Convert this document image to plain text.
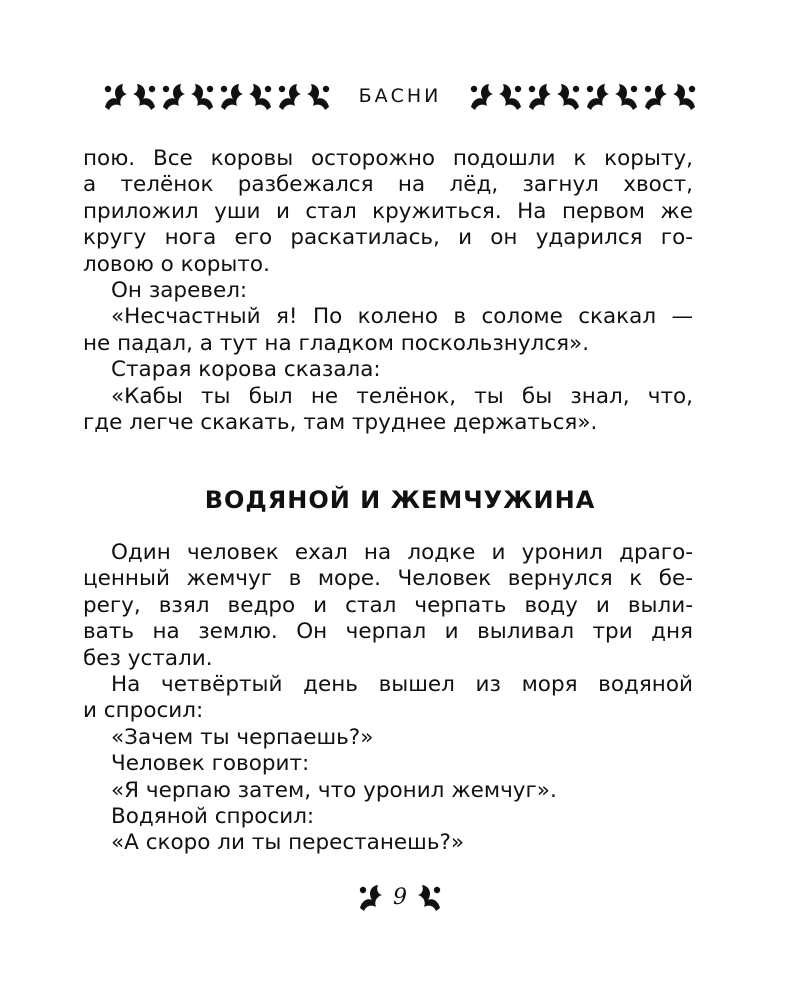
БАСНИ
пою. Все коровы осторожно подошли к корыту,
а телёнок разбежался на лёд, загнул хвост,
приложил уши и стал кружиться. На первом же
кругу нога его раскатилась, и он ударился го-
ловою о корыто.
Он заревел:
«Несчастный я! По колено в соломе скакал —
не падал, а тут на гладком поскользнулся».
Старая корова сказала:
«Кабы ты был не телёнок, ты бы знал, что,
где легче скакать, там труднее держаться».
ВОДЯНОЙ И ЖЕМЧУЖИНА
Один человек ехал на лодке и уронил драго-
ценный жемчуг в море. Человек вернулся к бе-
регу, взял ведро и стал черпать воду и выли-
вать на землю. Он черпал и выливал три дня
без устали.
На четвёртый день вышел из моря водяной
и спросил:
«Зачем ты черпаешь?»
Человек говорит:
«Я черпаю затем, что уронил жемчуг».
Водяной спросил:
«А скоро ли ты перестанешь?»
9
